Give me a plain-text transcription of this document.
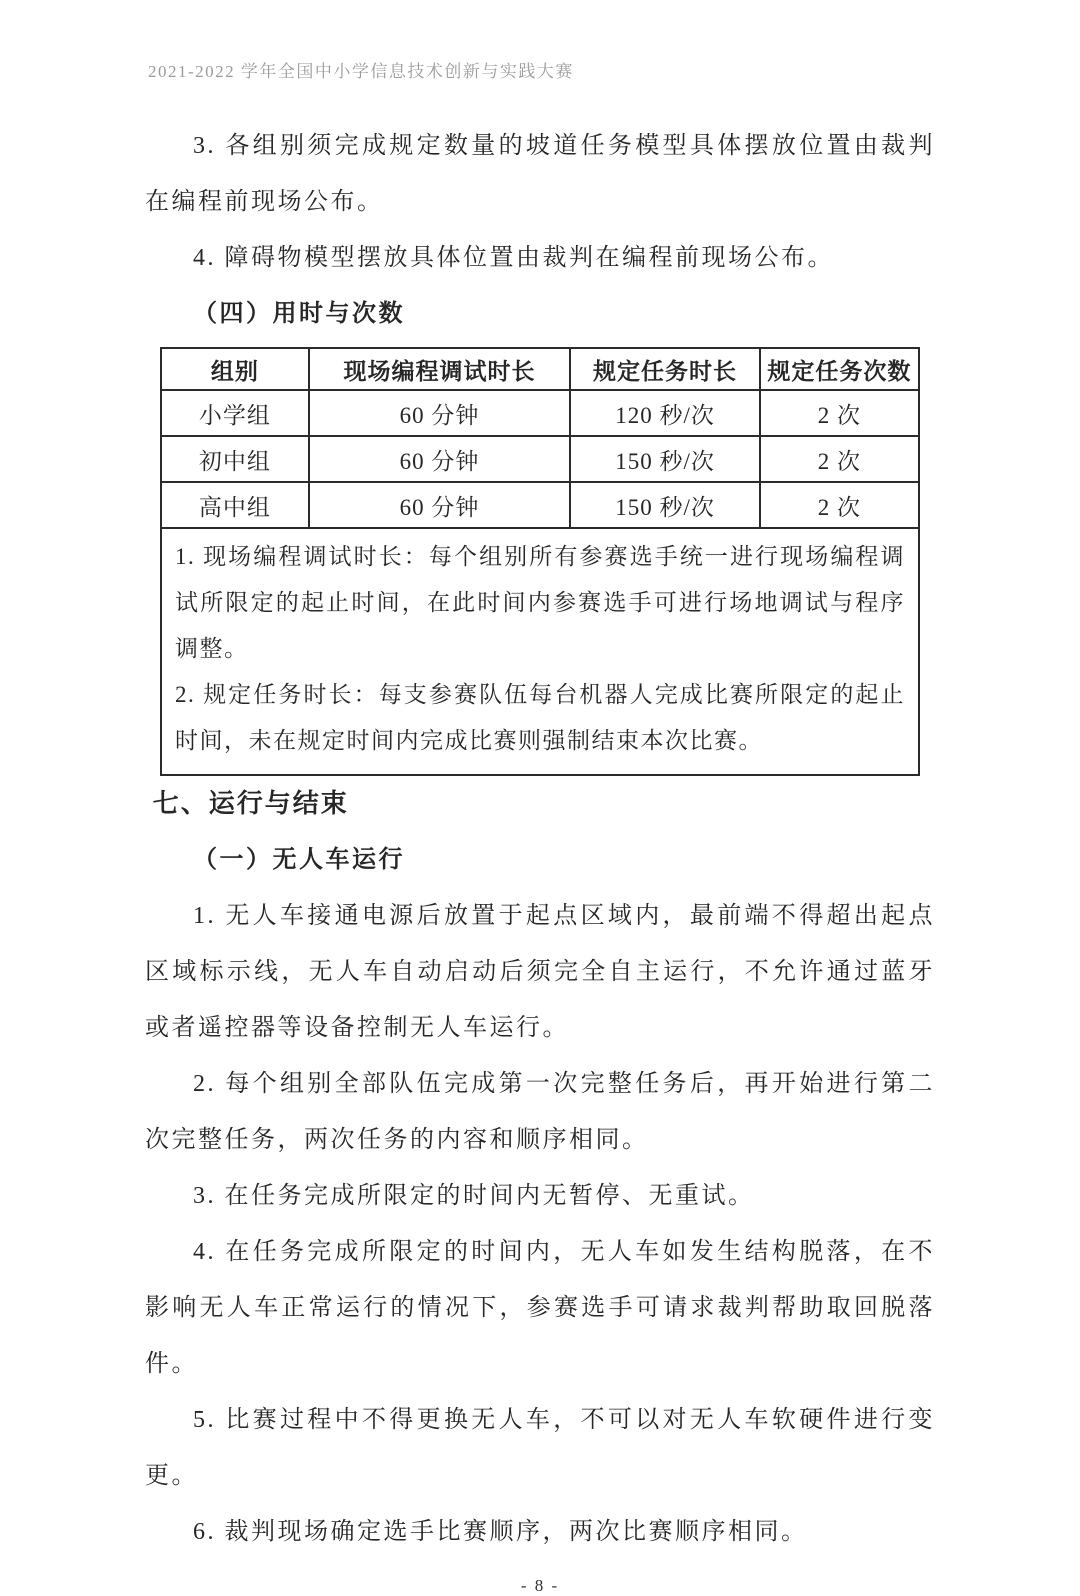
2021-2022 学年全国中小学信息技术创新与实践大赛

3. 各组别须完成规定数量的坡道任务模型具体摆放位置由裁判在编程前现场公布。

4. 障碍物模型摆放具体位置由裁判在编程前现场公布。

（四）用时与次数

组别	现场编程调试时长	规定任务时长	规定任务次数
小学组	60 分钟	120 秒/次	2 次
初中组	60 分钟	150 秒/次	2 次
高中组	60 分钟	150 秒/次	2 次

1. 现场编程调试时长：每个组别所有参赛选手统一进行现场编程调试所限定的起止时间，在此时间内参赛选手可进行场地调试与程序调整。

2. 规定任务时长：每支参赛队伍每台机器人完成比赛所限定的起止时间，未在规定时间内完成比赛则强制结束本次比赛。			

七、运行与结束

（一）无人车运行

1. 无人车接通电源后放置于起点区域内，最前端不得超出起点区域标示线，无人车自动启动后须完全自主运行，不允许通过蓝牙或者遥控器等设备控制无人车运行。

2. 每个组别全部队伍完成第一次完整任务后，再开始进行第二次完整任务，两次任务的内容和顺序相同。

3. 在任务完成所限定的时间内无暂停、无重试。

4. 在任务完成所限定的时间内，无人车如发生结构脱落，在不影响无人车正常运行的情况下，参赛选手可请求裁判帮助取回脱落件。

5. 比赛过程中不得更换无人车，不可以对无人车软硬件进行变更。

6. 裁判现场确定选手比赛顺序，两次比赛顺序相同。

- 8 -
